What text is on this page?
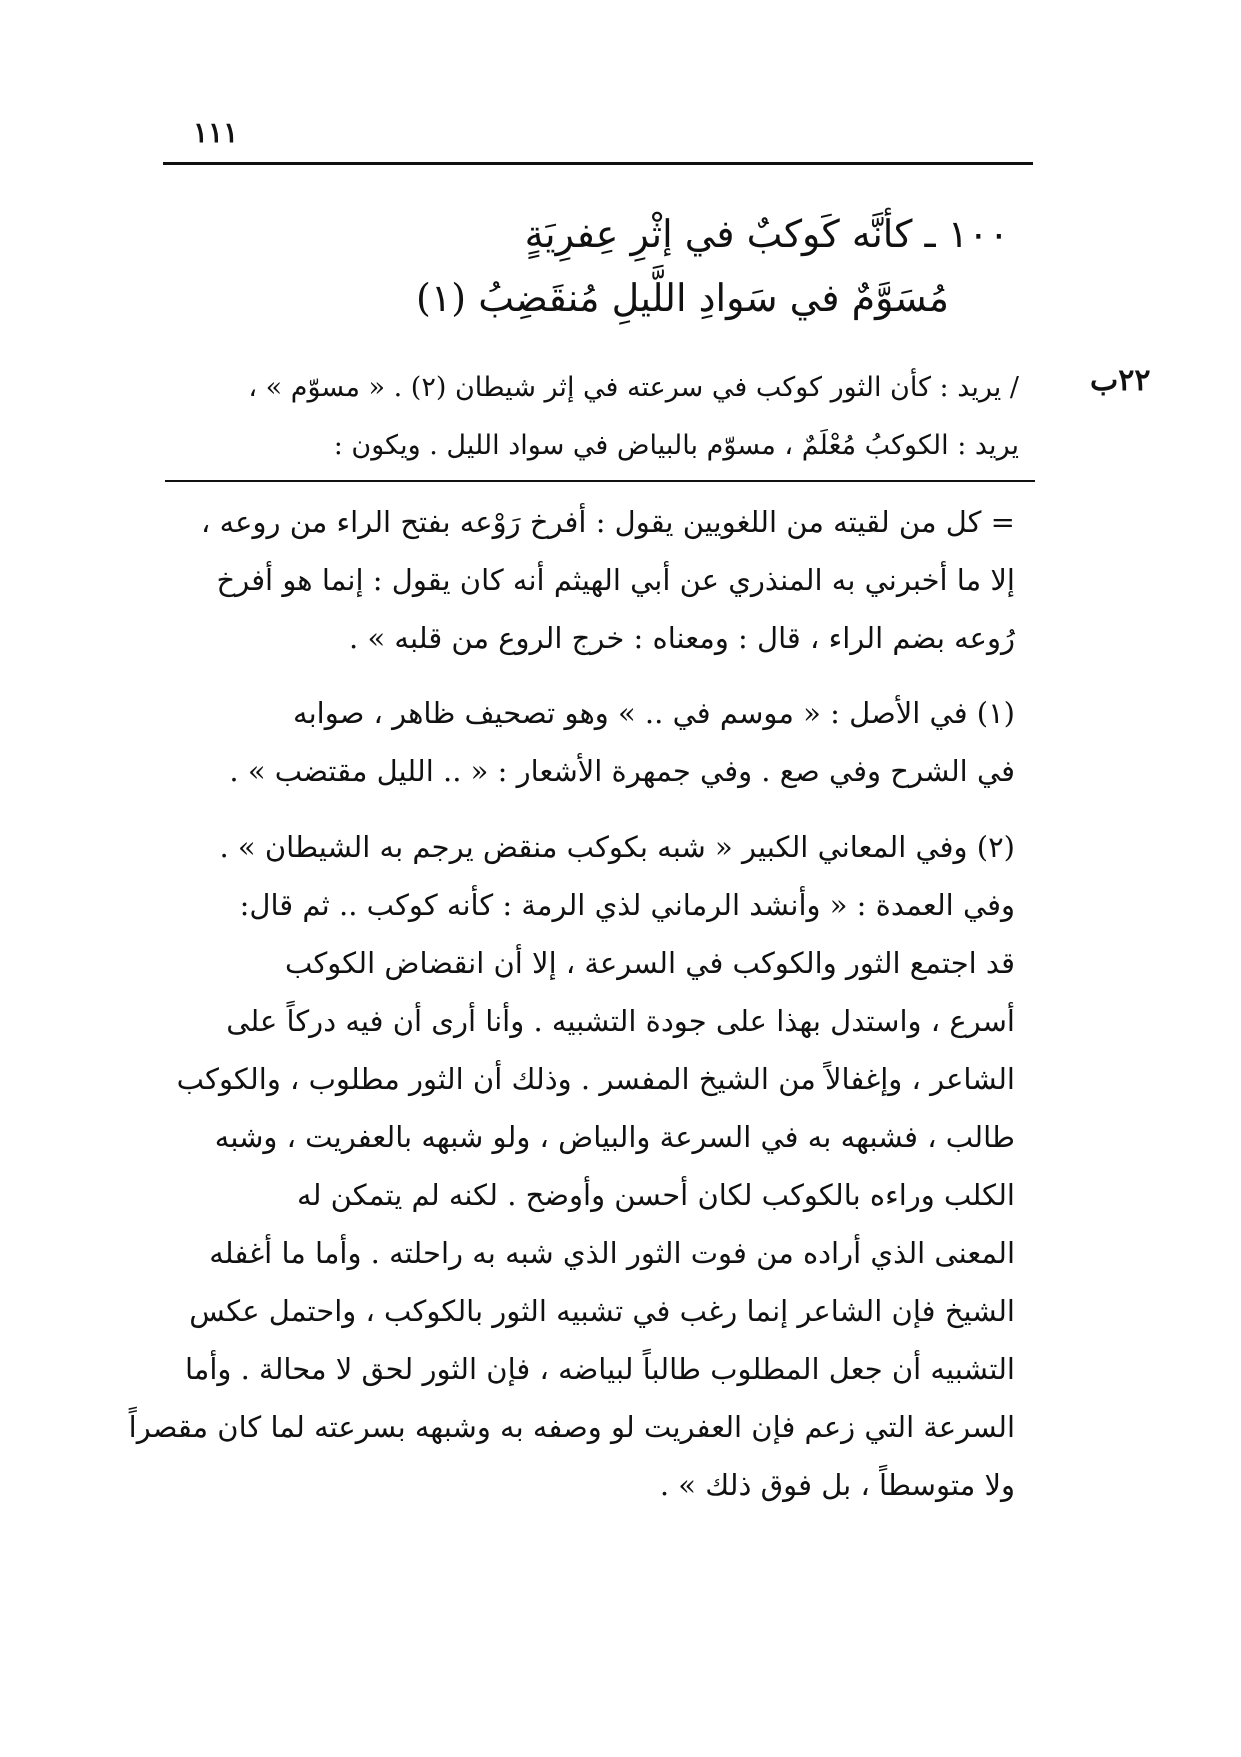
١١١
١٠٠ ـ كأنَّه كَوكبٌ في إثْرِ عِفرِيَةٍ
مُسَوَّمٌ في سَوادِ اللَّيلِ مُنقَضِبُ (١)
٢٢ب
/ يريد : كأن الثور كوكب في سرعته في إثر شيطان (٢) . « مسوّم » ،
يريد : الكوكبُ مُعْلَمٌ ، مسوّم بالبياض في سواد الليل . ويكون :
= كل من لقيته من اللغويين يقول : أفرخ رَوْعه بفتح الراء من روعه ،
إلا ما أخبرني به المنذري عن أبي الهيثم أنه كان يقول : إنما هو أفرخ
رُوعه بضم الراء ، قال : ومعناه : خرج الروع من قلبه » .
(١) في الأصل : « موسم في .. » وهو تصحيف ظاهر ، صوابه
في الشرح وفي صع . وفي جمهرة الأشعار : « .. الليل مقتضب » .
(٢) وفي المعاني الكبير « شبه بكوكب منقض يرجم به الشيطان » .
وفي العمدة : « وأنشد الرماني لذي الرمة : كأنه كوكب .. ثم قال:
قد اجتمع الثور والكوكب في السرعة ، إلا أن انقضاض الكوكب
أسرع ، واستدل بهذا على جودة التشبيه . وأنا أرى أن فيه دركاً على
الشاعر ، وإغفالاً من الشيخ المفسر . وذلك أن الثور مطلوب ، والكوكب
طالب ، فشبهه به في السرعة والبياض ، ولو شبهه بالعفريت ، وشبه
الكلب وراءه بالكوكب لكان أحسن وأوضح . لكنه لم يتمكن له
المعنى الذي أراده من فوت الثور الذي شبه به راحلته . وأما ما أغفله
الشيخ فإن الشاعر إنما رغب في تشبيه الثور بالكوكب ، واحتمل عكس
التشبيه أن جعل المطلوب طالباً لبياضه ، فإن الثور لحق لا محالة . وأما
السرعة التي زعم فإن العفريت لو وصفه به وشبهه بسرعته لما كان مقصراً
ولا متوسطاً ، بل فوق ذلك » .
